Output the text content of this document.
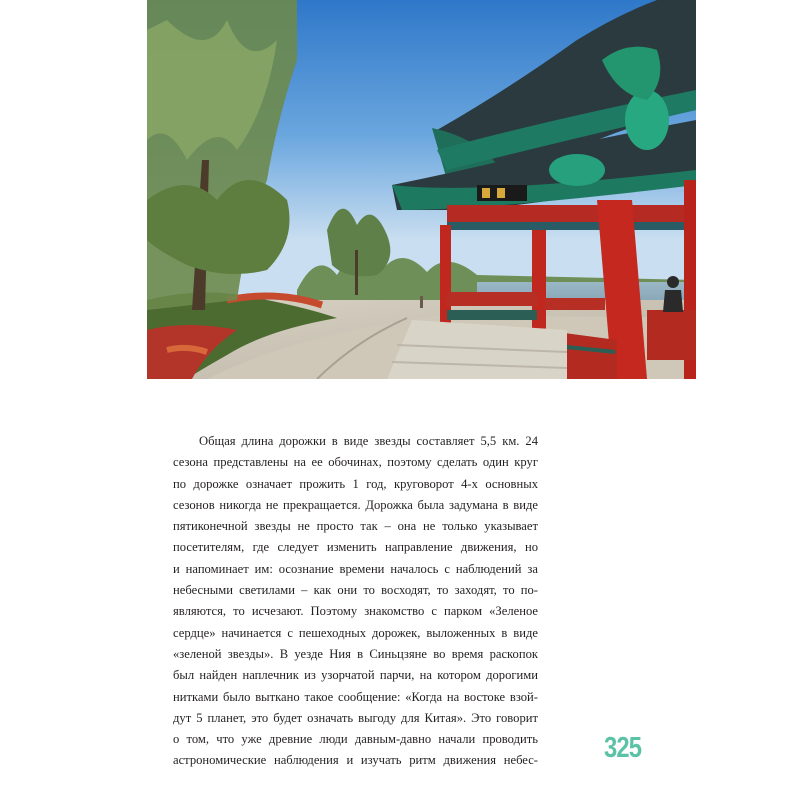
Общая длина дорожки в виде звезды составляет 5,5 км. 24
сезона представлены на ее обочинах, поэтому сделать один круг
по дорожке означает прожить 1 год, круговорот 4-х основных
сезонов никогда не прекращается. Дорожка была задумана в виде
пятиконечной звезды не просто так – она не только указывает
посетителям, где следует изменить направление движения, но
и напоминает им: осознание времени началось с наблюдений за
небесными светилами – как они то восходят, то заходят, то по-
являются, то исчезают. Поэтому знакомство с парком «Зеленое
сердце» начинается с пешеходных дорожек, выложенных в виде
«зеленой звезды». В уезде Ния в Синьцзяне во время раскопок
был найден наплечник из узорчатой парчи, на котором дорогими
нитками было выткано такое сообщение: «Когда на востоке взой-
дут 5 планет, это будет означать выгоду для Китая». Это говорит
о том, что уже древние люди давным-давно начали проводить
астрономические наблюдения и изучать ритм движения небес- 325
